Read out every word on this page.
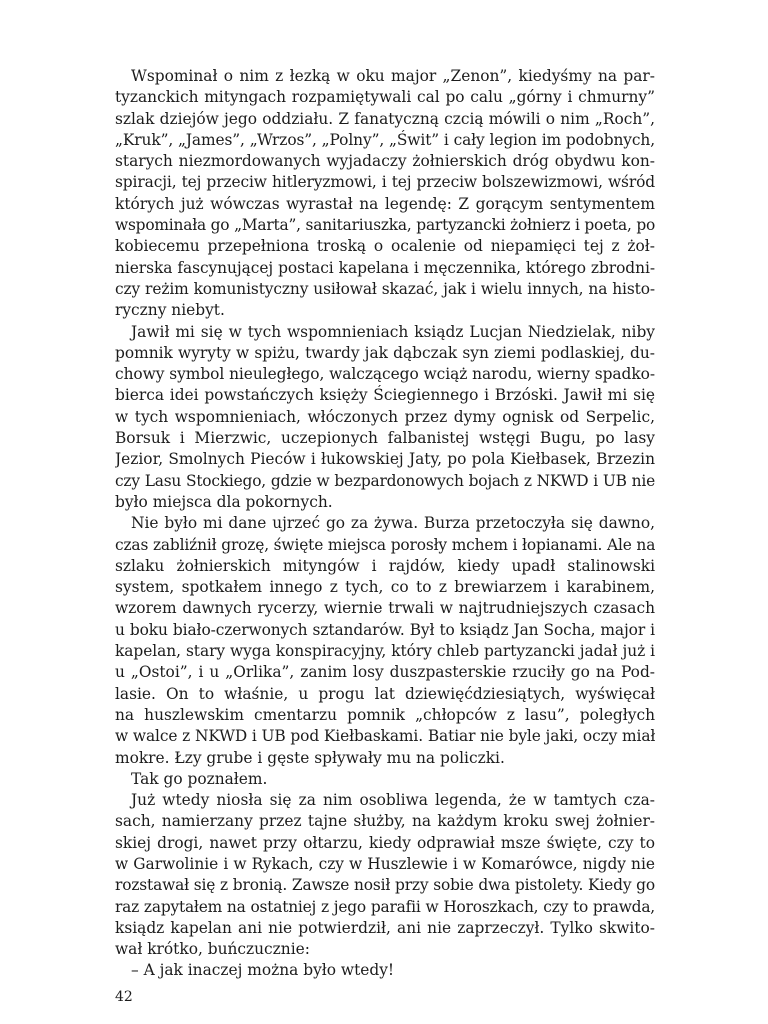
Wspominał o nim z łezką w oku major „Zenon”, kiedyśmy na par-
tyzanckich mityngach rozpamiętywali cal po calu „górny i chmurny”
szlak dziejów jego oddziału. Z fanatyczną czcią mówili o nim „Roch”,
„Kruk”, „James”, „Wrzos”, „Polny”, „Świt” i cały legion im podobnych,
starych niezmordowanych wyjadaczy żołnierskich dróg obydwu kon-
spiracji, tej przeciw hitleryzmowi, i tej przeciw bolszewizmowi, wśród
których już wówczas wyrastał na legendę: Z gorącym sentymentem
wspominała go „Marta”, sanitariuszka, partyzancki żołnierz i poeta, po
kobiecemu przepełniona troską o ocalenie od niepamięci tej z żoł-
nierska fascynującej postaci kapelana i męczennika, którego zbrodni-
czy reżim komunistyczny usiłował skazać, jak i wielu innych, na histo-
ryczny niebyt.
Jawił mi się w tych wspomnieniach ksiądz Lucjan Niedzielak, niby
pomnik wyryty w spiżu, twardy jak dąbczak syn ziemi podlaskiej, du-
chowy symbol nieuległego, walczącego wciąż narodu, wierny spadko-
bierca idei powstańczych księży Ściegiennego i Brzóski. Jawił mi się
w tych wspomnieniach, włóczonych przez dymy ognisk od Serpelic,
Borsuk i Mierzwic, uczepionych falbanistej wstęgi Bugu, po lasy
Jezior, Smolnych Pieców i łukowskiej Jaty, po pola Kiełbasek, Brzezin
czy Lasu Stockiego, gdzie w bezpardonowych bojach z NKWD i UB nie
było miejsca dla pokornych.
Nie było mi dane ujrzeć go za żywa. Burza przetoczyła się dawno,
czas zabliźnił grozę, święte miejsca porosły mchem i łopianami. Ale na
szlaku żołnierskich mityngów i rajdów, kiedy upadł stalinowski
system, spotkałem innego z tych, co to z brewiarzem i karabinem,
wzorem dawnych rycerzy, wiernie trwali w najtrudniejszych czasach
u boku biało-czerwonych sztandarów. Był to ksiądz Jan Socha, major i
kapelan, stary wyga konspiracyjny, który chleb partyzancki jadał już i
u „Ostoi”, i u „Orlika”, zanim losy duszpasterskie rzuciły go na Pod-
lasie. On to właśnie, u progu lat dziewięćdziesiątych, wyświęcał
na huszlewskim cmentarzu pomnik „chłopców z lasu”, poległych
w walce z NKWD i UB pod Kiełbaskami. Batiar nie byle jaki, oczy miał
mokre. Łzy grube i gęste spływały mu na policzki.
Tak go poznałem.
Już wtedy niosła się za nim osobliwa legenda, że w tamtych cza-
sach, namierzany przez tajne służby, na każdym kroku swej żołnier-
skiej drogi, nawet przy ołtarzu, kiedy odprawiał msze święte, czy to
w Garwolinie i w Rykach, czy w Huszlewie i w Komarówce, nigdy nie
rozstawał się z bronią. Zawsze nosił przy sobie dwa pistolety. Kiedy go
raz zapytałem na ostatniej z jego parafii w Horoszkach, czy to prawda,
ksiądz kapelan ani nie potwierdził, ani nie zaprzeczył. Tylko skwito-
wał krótko, buńczucznie:
– A jak inaczej można było wtedy!
42
